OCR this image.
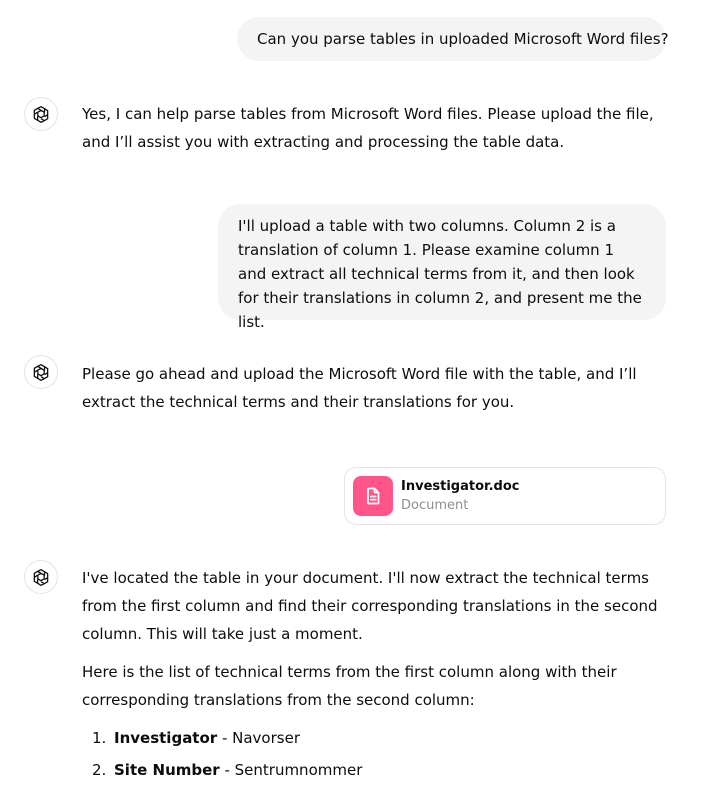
Can you parse tables in uploaded Microsoft Word files?

Yes, I can help parse tables from Microsoft Word files. Please upload the file, and I’ll assist you with extracting and processing the table data.

I'll upload a table with two columns. Column 2 is a translation of column 1. Please examine column 1 and extract all technical terms from it, and then look for their translations in column 2, and present me the list.

Please go ahead and upload the Microsoft Word file with the table, and I’ll extract the technical terms and their translations for you.

Investigator.doc
Document

I've located the table in your document. I'll now extract the technical terms from the first column and find their corresponding translations in the second column. This will take just a moment.

Here is the list of technical terms from the first column along with their corresponding translations from the second column:

1. Investigator - Navorser
2. Site Number - Sentrumnommer
